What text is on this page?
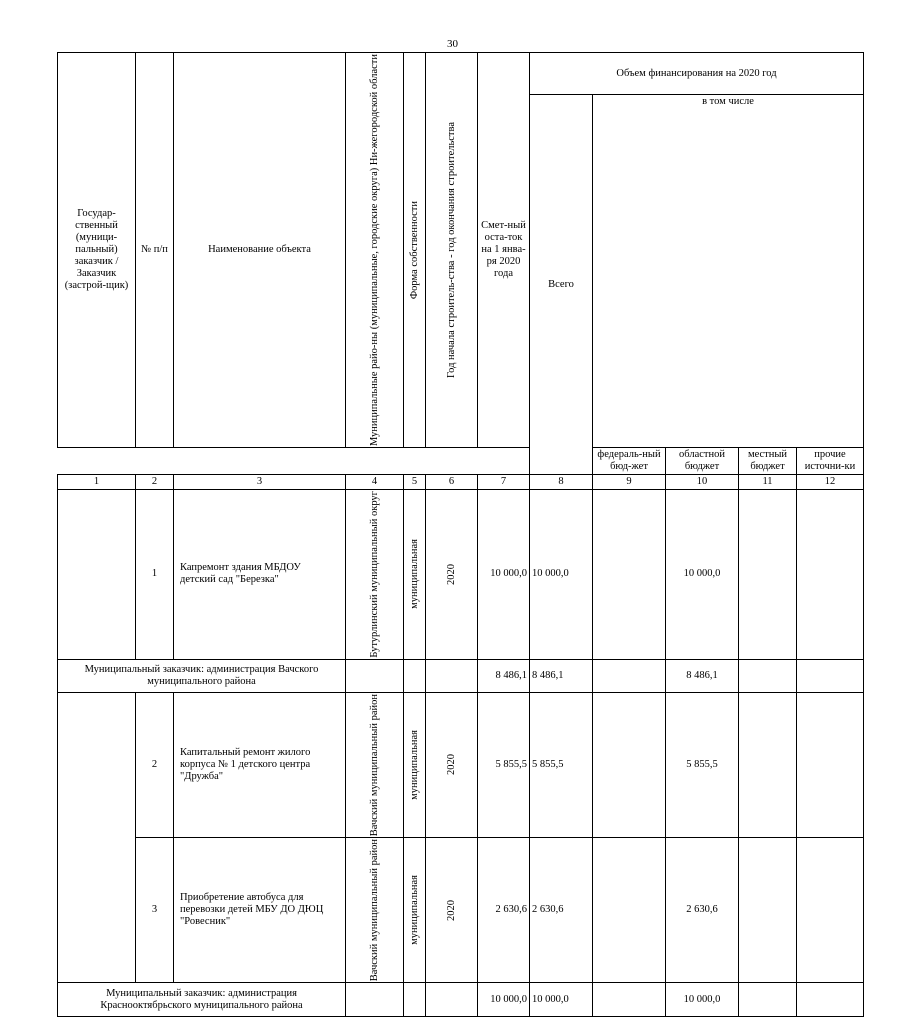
30
Государ-ственный (муници-пальный) заказчик / Заказчик (застрой-щик)	№ п/п	Наименование объекта	Муниципальные райо-ны (муниципальные, городские округа) Ни-жегородской области	Форма собственности	Год начала строитель-ства - год окончания строительства	Смет-ный оста-ток на 1 янва-ря 2020 года	Объем финансирования на 2020 год				
							Всего	в том числе			
								федераль-ный бюд-жет	областной бюджет	местный бюджет	прочие источни-ки
1	2	3	4	5	6	7	8	9	10	11	12
	1	Капремонт здания МБДОУ детский сад "Березка"	Бутурлинский муниципальный округ	муниципальная	2020	10 000,0	10 000,0		10 000,0		
Муниципальный заказчик: администрация Вачского муниципального района						8 486,1	8 486,1		8 486,1		
	2	Капитальный ремонт жилого корпуса № 1 детского центра "Дружба"	Вачский муниципальный район	муниципальная	2020	5 855,5	5 855,5		5 855,5		
	3	Приобретение автобуса для перевозки детей МБУ ДО ДЮЦ "Ровесник"	Вачский муниципальный район	муниципальная	2020	2 630,6	2 630,6		2 630,6		
Муниципальный заказчик: администрация Краснооктябрьского муниципального района						10 000,0	10 000,0		10 000,0		
